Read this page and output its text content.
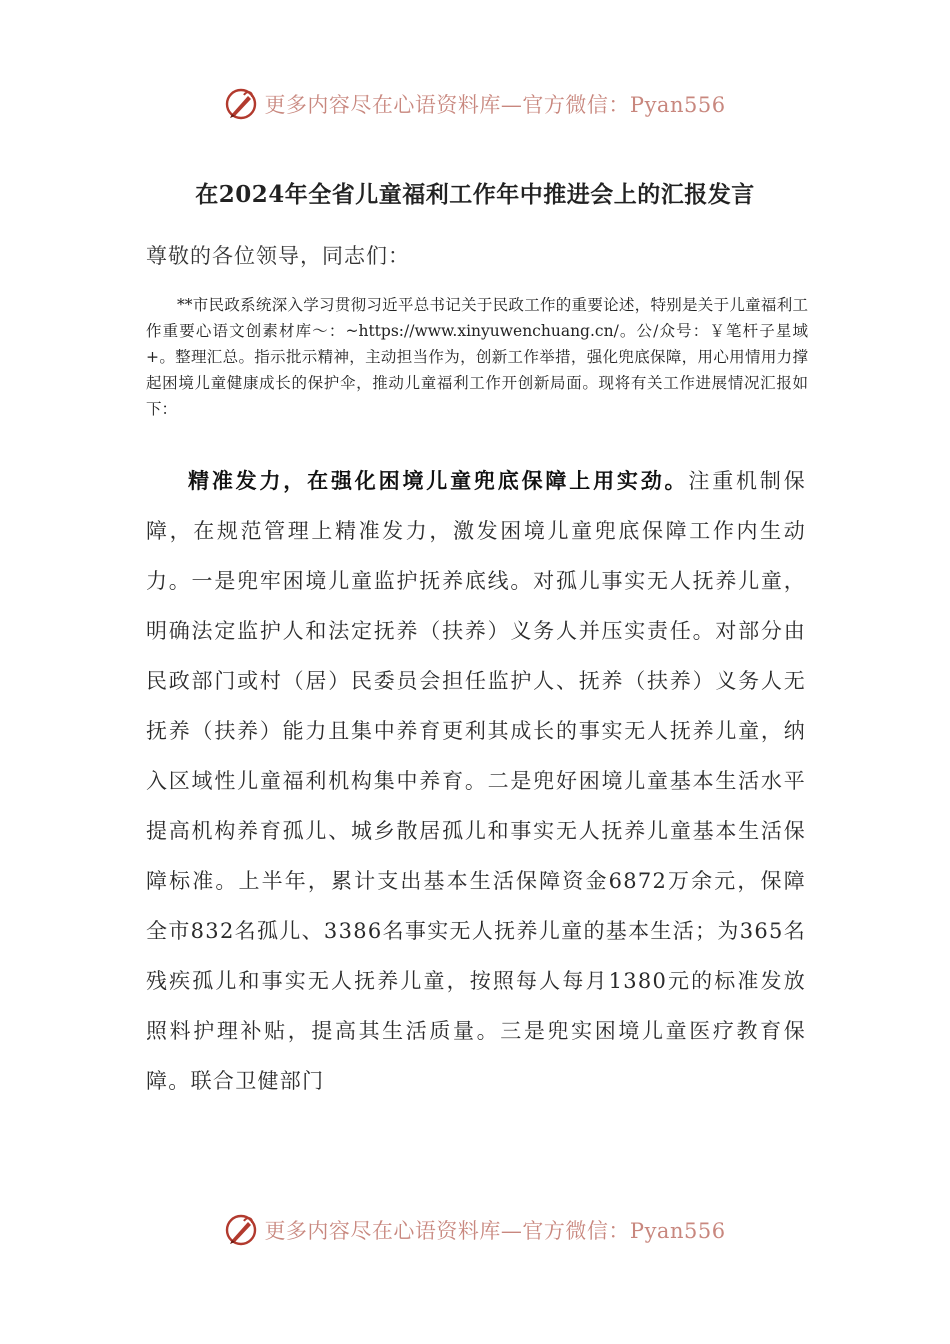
更多内容尽在心语资料库—官方微信：Pyan556
在2024年全省儿童福利工作年中推进会上的汇报发言
尊敬的各位领导，同志们：

**市民政系统深入学习贯彻习近平总书记关于民政工作的重要论述，特别是关于儿童福利工作重要心语文创素材库～：~https://www.xinyuwenchuang.cn/。公/众号：￥笔杆子星域+。整理汇总。指示批示精神，主动担当作为，创新工作举措，强化兜底保障，用心用情用力撑起困境儿童健康成长的保护伞，推动儿童福利工作开创新局面。现将有关工作进展情况汇报如下：

精准发力，在强化困境儿童兜底保障上用实劲。注重机制保障，在规范管理上精准发力，激发困境儿童兜底保障工作内生动力。一是兜牢困境儿童监护抚养底线。对孤儿事实无人抚养儿童，明确法定监护人和法定抚养（扶养）义务人并压实责任。对部分由民政部门或村（居）民委员会担任监护人、抚养（扶养）义务人无抚养（扶养）能力且集中养育更利其成长的事实无人抚养儿童，纳入区域性儿童福利机构集中养育。二是兜好困境儿童基本生活水平提高机构养育孤儿、城乡散居孤儿和事实无人抚养儿童基本生活保障标准。上半年，累计支出基本生活保障资金6872万余元，保障全市832名孤儿、3386名事实无人抚养儿童的基本生活；为365名残疾孤儿和事实无人抚养儿童，按照每人每月1380元的标准发放照料护理补贴，提高其生活质量。三是兜实困境儿童医疗教育保障。联合卫健部门

更多内容尽在心语资料库—官方微信：Pyan556
